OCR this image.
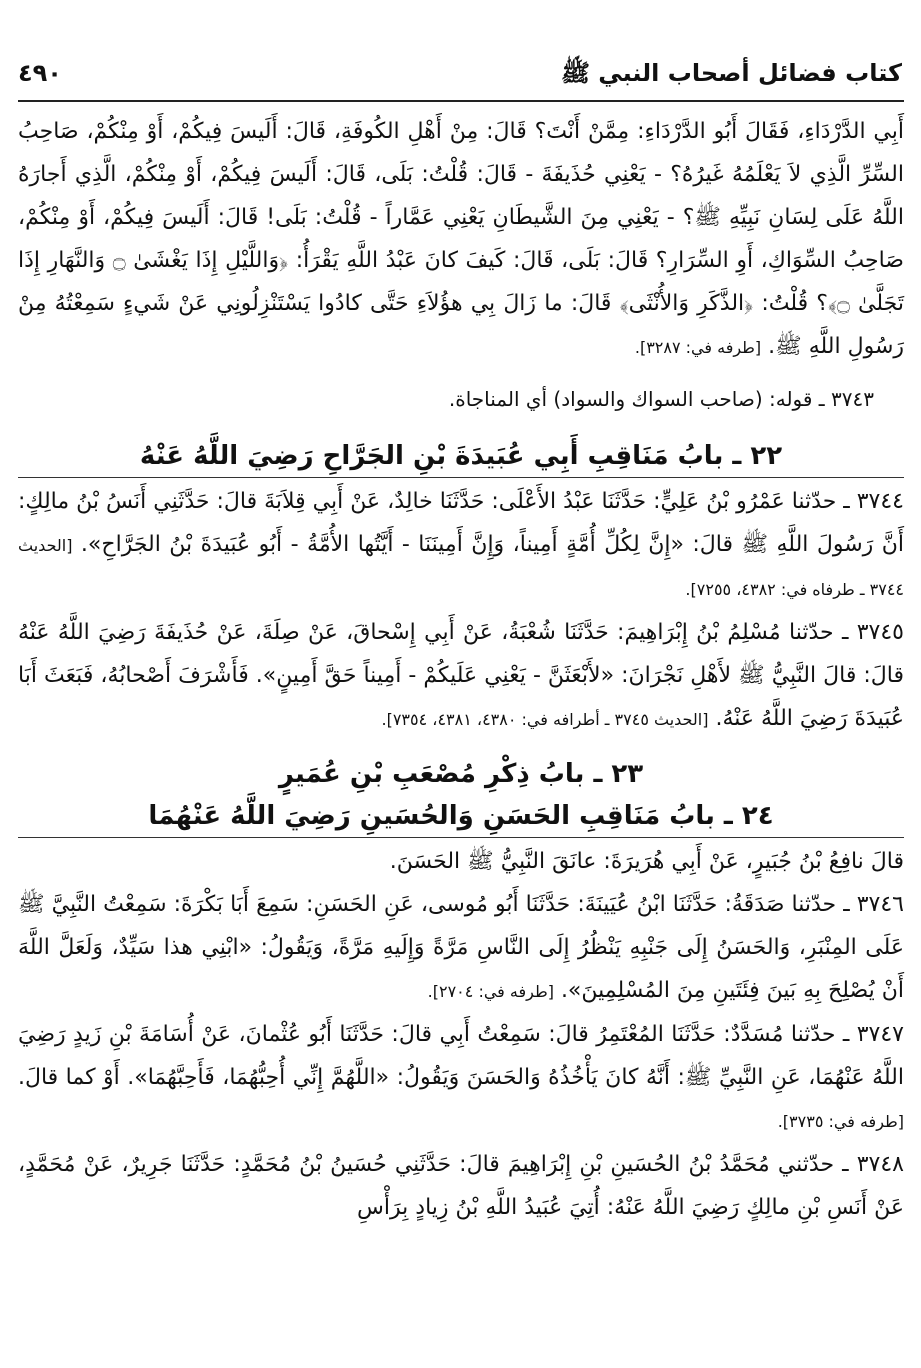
كتاب فضائل أصحاب النبي ﷺ
٤٩٠

أَبِي الدَّرْدَاءِ، فَقَالَ أَبُو الدَّرْدَاءِ: مِمَّنْ أَنْتَ؟ قَالَ: مِنْ أَهْلِ الكُوفَةِ، قَالَ: أَلَيسَ فِيكُمْ، أَوْ مِنْكُمْ، صَاحِبُ السِّرِّ الَّذِي لاَ يَعْلَمُهُ غَيرُهُ؟ - يَعْنِي حُذَيفَةَ - قَالَ: قُلْتُ: بَلَى، قَالَ: أَلَيسَ فِيكُمْ، أَوْ مِنْكُمْ، الَّذِي أَجارَهُ اللَّهُ عَلَى لِسَانِ نَبِيِّهِ ﷺ؟ - يَعْنِي مِنَ الشَّيطَانِ يَعْنِي عَمَّاراً - قُلْتُ: بَلَى! قَالَ: أَلَيسَ فِيكُمْ، أَوْ مِنْكُمْ، صَاحِبُ السِّوَاكِ، أَوِ السِّرَارِ؟ قَالَ: بَلَى، قَالَ: كَيفَ كانَ عَبْدُ اللَّهِ يَقْرَأُ: ﴿وَاللَّيْلِ إِذَا يَغْشَىٰ ۝ وَالنَّهَارِ إِذَا تَجَلَّىٰ ۝﴾؟ قُلْتُ: ﴿الذَّكَرِ وَالأُنْثَى﴾ قَالَ: ما زَالَ بِي هؤُلاَءِ حَتَّى كادُوا يَسْتَنْزِلُونِي عَنْ شَيءٍ سَمِعْتُهُ مِنْ رَسُولِ اللَّهِ ﷺ. [طرفه في: ٣٢٨٧].

٣٧٤٣ ـ قوله: (صاحب السواك والسواد) أي المناجاة.

٢٢ ـ بابُ مَنَاقِبِ أَبِي عُبَيدَةَ بْنِ الجَرَّاحِ رَضِيَ اللَّهُ عَنْهُ

٣٧٤٤ ـ حدّثنا عَمْرُو بْنُ عَلِيٍّ: حَدَّثَنَا عَبْدُ الأَعْلَى: حَدَّثَنَا خالِدٌ، عَنْ أَبِي قِلاَبَةَ قالَ: حَدَّثَنِي أَنَسُ بْنُ مالِكٍ: أَنَّ رَسُولَ اللَّهِ ﷺ قالَ: «إِنَّ لِكُلِّ أُمَّةٍ أَمِيناً، وَإِنَّ أَمِينَنَا - أَيَّتُها الأُمَّةُ - أَبُو عُبَيدَةَ بْنُ الجَرَّاحِ». [الحديث ٣٧٤٤ ـ طرفاه في: ٤٣٨٢، ٧٢٥٥].

٣٧٤٥ ـ حدّثنا مُسْلِمُ بْنُ إِبْرَاهِيمَ: حَدَّثَنَا شُعْبَةُ، عَنْ أَبِي إِسْحاقَ، عَنْ صِلَةَ، عَنْ حُذَيفَةَ رَضِيَ اللَّهُ عَنْهُ قالَ: قالَ النَّبِيُّ ﷺ لأَهْلِ نَجْرَانَ: «لأَبْعَثَنَّ - يَعْنِي عَلَيكُمْ - أَمِيناً حَقَّ أَمِينٍ». فَأَشْرَفَ أَصْحابُهُ، فَبَعَثَ أَبَا عُبَيدَةَ رَضِيَ اللَّهُ عَنْهُ. [الحديث ٣٧٤٥ ـ أطرافه في: ٤٣٨٠، ٤٣٨١، ٧٣٥٤].

٢٣ ـ بابُ ذِكْرِ مُصْعَبِ بْنِ عُمَيرٍ
٢٤ ـ بابُ مَنَاقِبِ الحَسَنِ وَالحُسَينِ رَضِيَ اللَّهُ عَنْهُمَا

قالَ نافِعُ بْنُ جُبَيرٍ، عَنْ أَبِي هُرَيرَةَ: عانَقَ النَّبِيُّ ﷺ الحَسَنَ.

٣٧٤٦ ـ حدّثنا صَدَقَةُ: حَدَّثَنَا ابْنُ عُيَينَةَ: حَدَّثَنَا أَبُو مُوسى، عَنِ الحَسَنِ: سَمِعَ أَبَا بَكْرَةَ: سَمِعْتُ النَّبِيَّ ﷺ عَلَى المِنْبَرِ، وَالحَسَنُ إِلَى جَنْبِهِ يَنْظُرُ إِلَى النَّاسِ مَرَّةً وَإِلَيهِ مَرَّةً، وَيَقُولُ: «ابْنِي هذا سَيِّدٌ، وَلَعَلَّ اللَّهَ أَنْ يُصْلِحَ بِهِ بَينَ فِئَتَينِ مِنَ المُسْلِمِينَ». [طرفه في: ٢٧٠٤].

٣٧٤٧ ـ حدّثنا مُسَدَّدٌ: حَدَّثَنَا المُعْتَمِرُ قالَ: سَمِعْتُ أَبِي قالَ: حَدَّثَنَا أَبُو عُثْمانَ، عَنْ أُسَامَةَ بْنِ زَيدٍ رَضِيَ اللَّهُ عَنْهُمَا، عَنِ النَّبِيِّ ﷺ: أَنَّهُ كانَ يَأْخُذُهُ وَالحَسَنَ وَيَقُولُ: «اللَّهُمَّ إِنِّي أُحِبُّهُمَا، فَأَحِبَّهُمَا». أَوْ كما قالَ. [طرفه في: ٣٧٣٥].

٣٧٤٨ ـ حدّثني مُحَمَّدُ بْنُ الحُسَينِ بْنِ إِبْرَاهِيمَ قالَ: حَدَّثَنِي حُسَينُ بْنُ مُحَمَّدٍ: حَدَّثَنَا جَرِيرٌ، عَنْ مُحَمَّدٍ، عَنْ أَنَسِ بْنِ مالِكٍ رَضِيَ اللَّهُ عَنْهُ: أُتِيَ عُبَيدُ اللَّهِ بْنُ زِيادٍ بِرَأْسِ
